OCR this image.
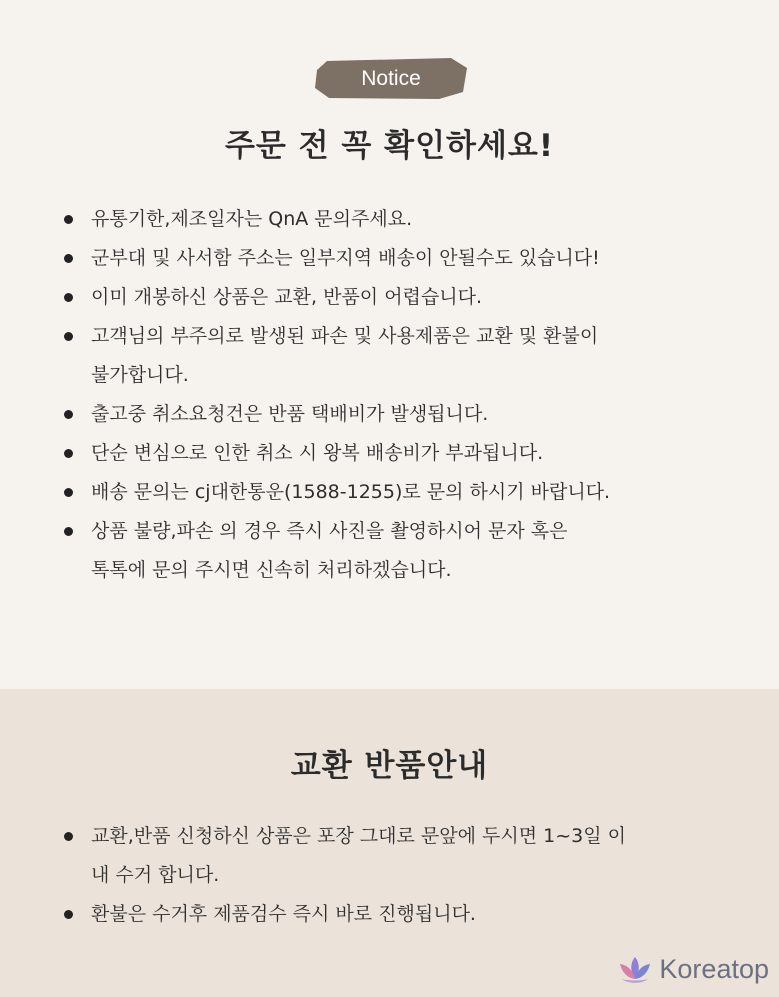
Notice
주문 전 꼭 확인하세요!
유통기한,제조일자는 QnA 문의주세요.
군부대 및 사서함 주소는 일부지역 배송이 안될수도 있습니다!
이미 개봉하신 상품은 교환, 반품이 어렵습니다.
고객님의 부주의로 발생된 파손 및 사용제품은 교환 및 환불이
불가합니다.
출고중 취소요청건은 반품 택배비가 발생됩니다.
단순 변심으로 인한 취소 시 왕복 배송비가 부과됩니다.
배송 문의는 cj대한통운(1588-1255)로 문의 하시기 바랍니다.
상품 불량,파손 의 경우 즉시 사진을 촬영하시어 문자 혹은
톡톡에 문의 주시면 신속히 처리하겠습니다.
교환 반품안내
교환,반품 신청하신 상품은 포장 그대로 문앞에 두시면 1~3일 이
내 수거 합니다.
환불은 수거후 제품검수 즉시 바로 진행됩니다.
Koreatop
